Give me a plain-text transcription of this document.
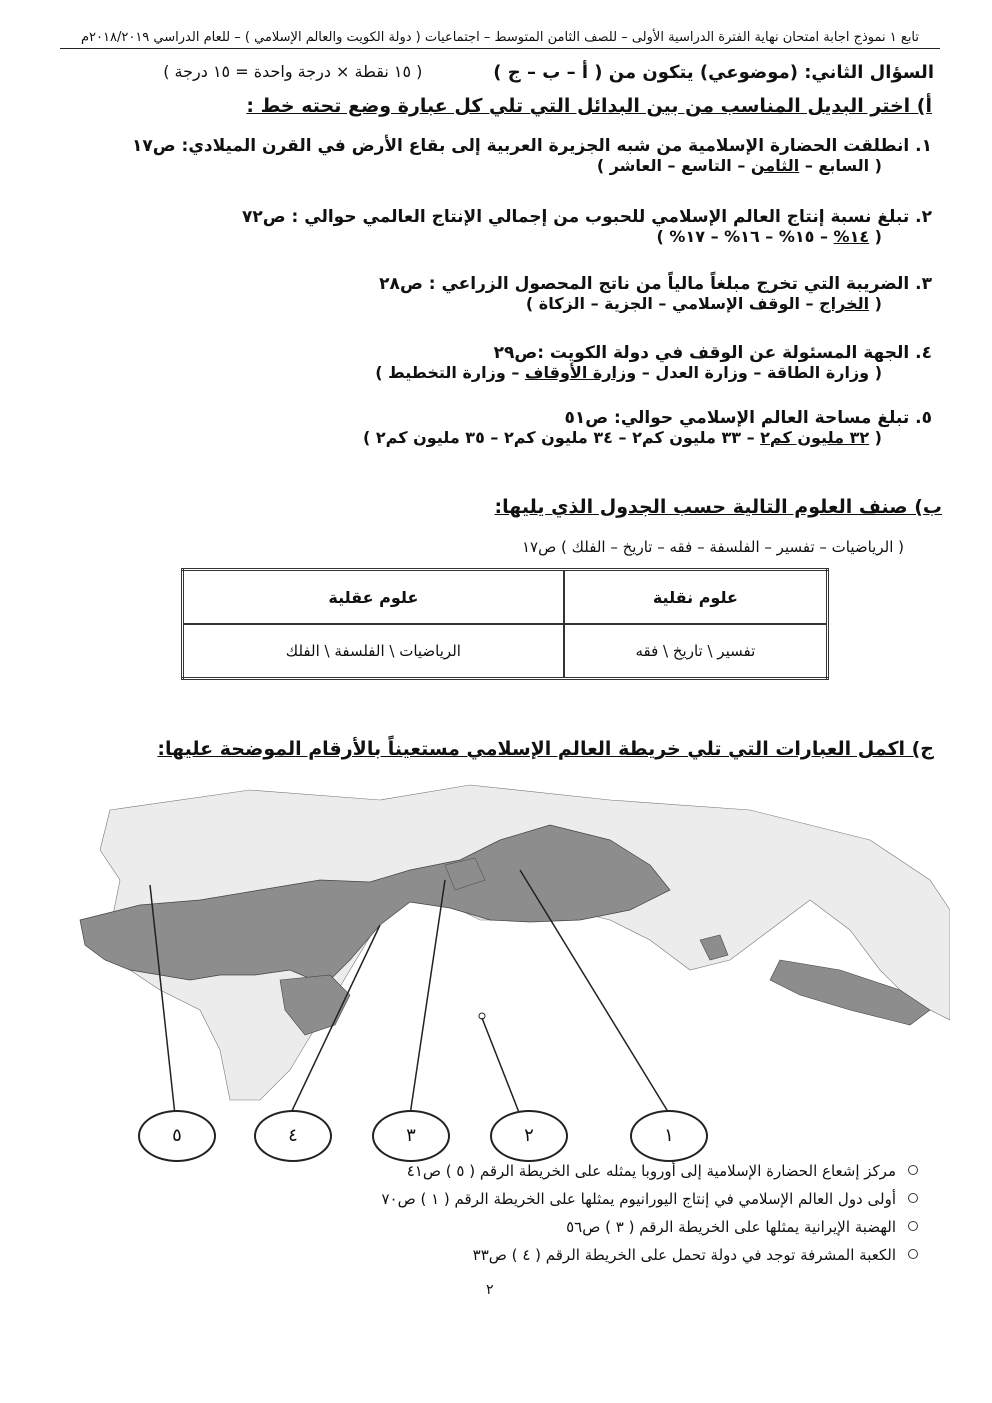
تابع ١ نموذج اجابة امتحان نهاية الفترة الدراسية الأولى – للصف الثامن المتوسط – اجتماعيات ( دولة الكويت والعالم الإسلامي ) – للعام الدراسي ٢٠١٨/٢٠١٩م
السؤال الثاني: (موضوعي) يتكون من ( أ – ب – ج )
( ١٥ نقطة × درجة واحدة = ١٥ درجة )
أ) اختر البديل المناسب من بين البدائل التي تلي كل عبارة وضع تحته خط :
١. انطلقت الحضارة الإسلامية من شبه الجزيرة العربية إلى بقاع الأرض في القرن الميلادي: ص١٧
( السابع – الثامن – التاسع – العاشر )
٢. تبلغ نسبة إنتاج العالم الإسلامي للحبوب من إجمالي الإنتاج العالمي حوالي : ص٧٢
( ١٤% – ١٥% – ١٦% – ١٧% )
٣. الضريبة التي تخرج مبلغاً مالياً من ناتج المحصول الزراعي : ص٢٨
( الخراج – الوقف الإسلامي – الجزية – الزكاة )
٤. الجهة المسئولة عن الوقف في دولة الكويت :ص٢٩
( وزارة الطاقة – وزارة العدل – وزارة الأوقاف – وزارة التخطيط )
٥. تبلغ مساحة العالم الإسلامي حوالي: ص٥١
( ٣٢ مليون كم٢ – ٣٣ مليون كم٢ – ٣٤ مليون كم٢ – ٣٥ مليون كم٢ )
ب) صنف العلوم التالية حسب الجدول الذي يليها:
( الرياضيات – تفسير – الفلسفة – فقه – تاريخ – الفلك ) ص١٧
علوم نقلية	علوم عقلية
تفسير \ تاريخ \ فقه	الرياضيات \ الفلسفة \ الفلك
ج) اكمل العبارات التي تلي خريطة العالم الإسلامي مستعيناً بالأرقام الموضحة عليها:
١
٢
٣
٤
٥
مركز إشعاع الحضارة الإسلامية إلى أوروبا يمثله على الخريطة الرقم ( ٥ ) ص٤١
أولى دول العالم الإسلامي في إنتاج اليورانيوم يمثلها على الخريطة الرقم ( ١ ) ص٧٠
الهضبة الإيرانية يمثلها على الخريطة الرقم ( ٣ ) ص٥٦
الكعبة المشرفة توجد في دولة تحمل على الخريطة الرقم ( ٤ ) ص٣٣
٢
